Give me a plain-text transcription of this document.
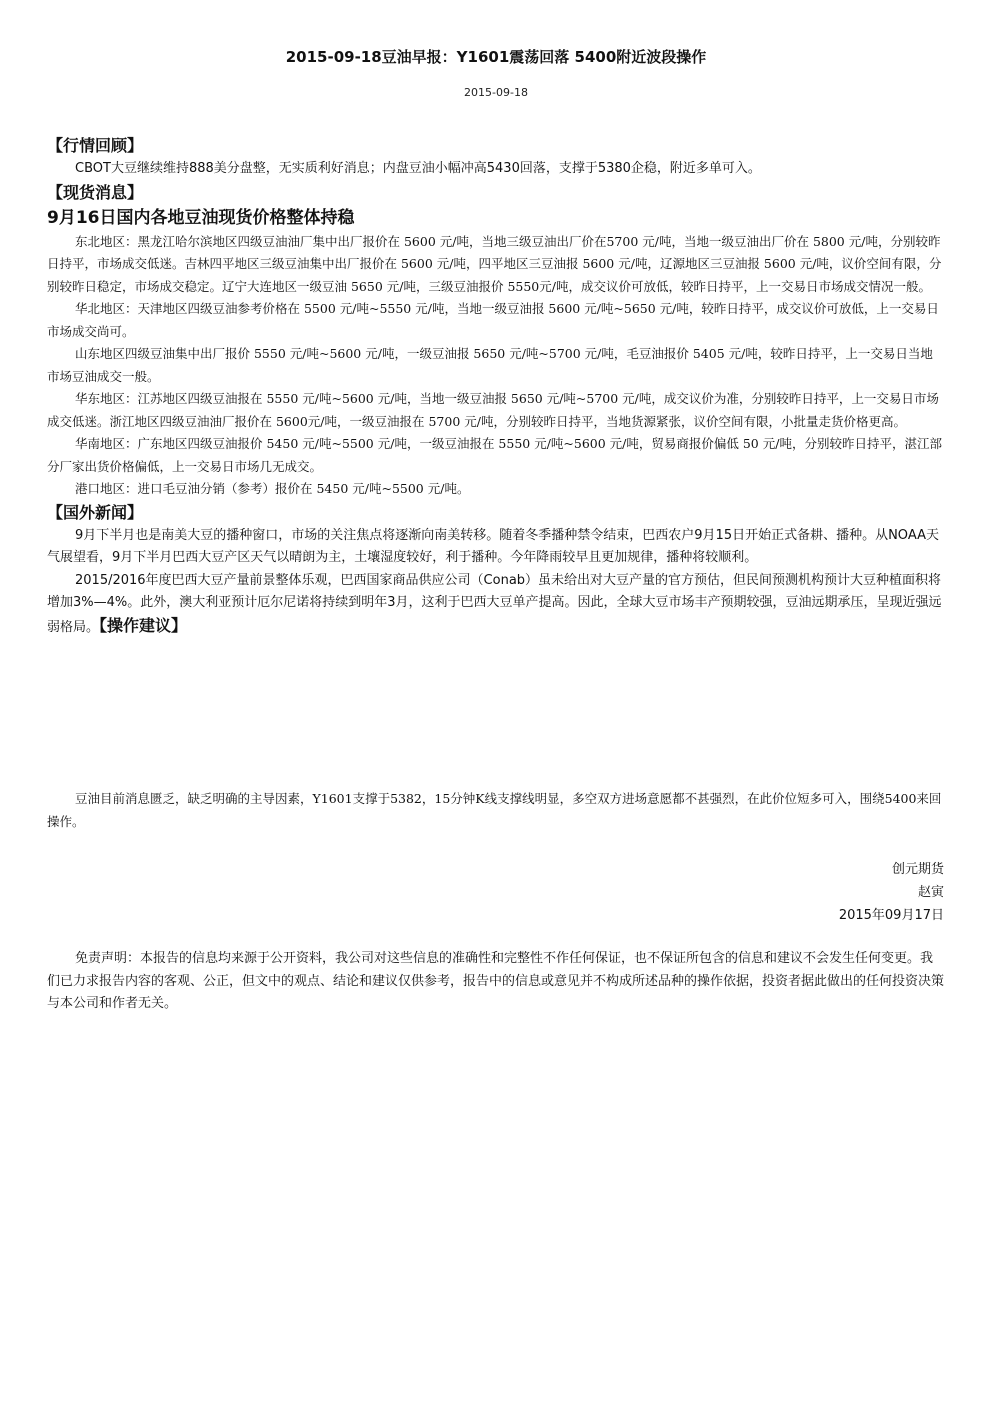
2015-09-18豆油早报：Y1601震荡回落 5400附近波段操作
2015-09-18
【行情回顾】

CBOT大豆继续维持888美分盘整，无实质利好消息；内盘豆油小幅冲高5430回落，支撑于5380企稳，附近多单可入。

【现货消息】
9月16日国内各地豆油现货价格整体持稳

东北地区：黑龙江哈尔滨地区四级豆油油厂集中出厂报价在 5600 元/吨，当地三级豆油出厂价在5700 元/吨，当地一级豆油出厂价在 5800 元/吨，分别较昨日持平，市场成交低迷。吉林四平地区三级豆油集中出厂报价在 5600 元/吨，四平地区三豆油报 5600 元/吨，辽源地区三豆油报 5600 元/吨，议价空间有限，分别较昨日稳定，市场成交稳定。辽宁大连地区一级豆油 5650 元/吨，三级豆油报价 5550元/吨，成交议价可放低，较昨日持平，上一交易日市场成交情况一般。

华北地区：天津地区四级豆油参考价格在 5500 元/吨~5550 元/吨，当地一级豆油报 5600 元/吨~5650 元/吨，较昨日持平，成交议价可放低，上一交易日市场成交尚可。

山东地区四级豆油集中出厂报价 5550 元/吨~5600 元/吨，一级豆油报 5650 元/吨~5700 元/吨，毛豆油报价 5405 元/吨，较昨日持平，上一交易日当地市场豆油成交一般。

华东地区：江苏地区四级豆油报在 5550 元/吨~5600 元/吨，当地一级豆油报 5650 元/吨~5700 元/吨，成交议价为准，分别较昨日持平，上一交易日市场成交低迷。浙江地区四级豆油油厂报价在 5600元/吨，一级豆油报在 5700 元/吨，分别较昨日持平，当地货源紧张，议价空间有限，小批量走货价格更高。

华南地区：广东地区四级豆油报价 5450 元/吨~5500 元/吨，一级豆油报在 5550 元/吨~5600 元/吨，贸易商报价偏低 50 元/吨，分别较昨日持平，湛江部分厂家出货价格偏低，上一交易日市场几无成交。

港口地区：进口毛豆油分销（参考）报价在 5450 元/吨~5500 元/吨。

【国外新闻】

9月下半月也是南美大豆的播种窗口，市场的关注焦点将逐渐向南美转移。随着冬季播种禁令结束，巴西农户9月15日开始正式备耕、播种。从NOAA天气展望看，9月下半月巴西大豆产区天气以晴朗为主，土壤湿度较好，利于播种。今年降雨较早且更加规律，播种将较顺利。

2015/2016年度巴西大豆产量前景整体乐观，巴西国家商品供应公司（Conab）虽未给出对大豆产量的官方预估，但民间预测机构预计大豆种植面积将增加3%—4%。此外，澳大利亚预计厄尔尼诺将持续到明年3月，这利于巴西大豆单产提高。因此，全球大豆市场丰产预期较强，豆油远期承压，呈现近强远弱格局。【操作建议】

豆油目前消息匮乏，缺乏明确的主导因素，Y1601支撑于5382，15分钟K线支撑线明显，多空双方进场意愿都不甚强烈，在此价位短多可入，围绕5400来回操作。

创元期货
赵寅
2015年09月17日

免责声明：本报告的信息均来源于公开资料，我公司对这些信息的准确性和完整性不作任何保证，也不保证所包含的信息和建议不会发生任何变更。我们已力求报告内容的客观、公正，但文中的观点、结论和建议仅供参考，报告中的信息或意见并不构成所述品种的操作依据，投资者据此做出的任何投资决策与本公司和作者无关。
